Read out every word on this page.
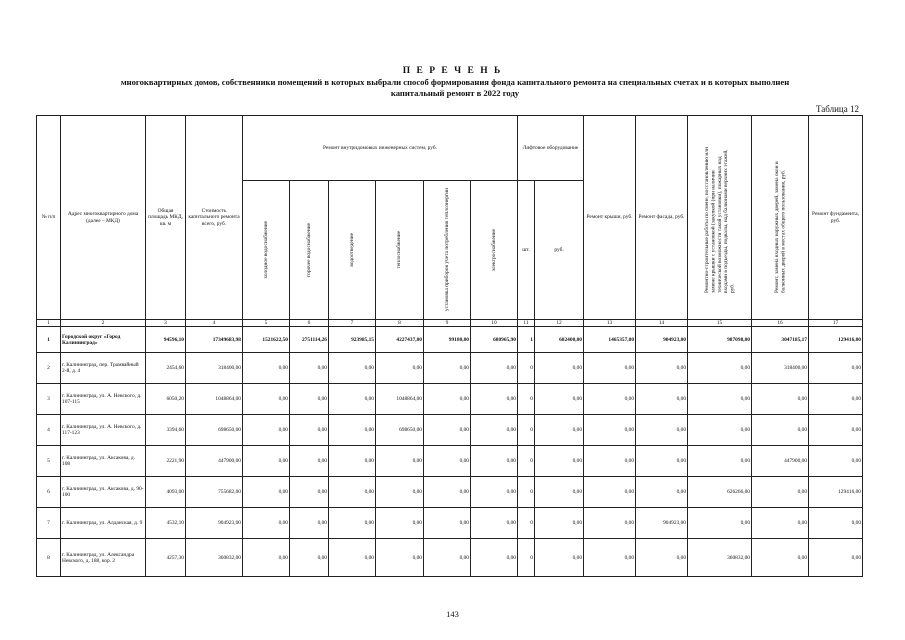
П Е Р Е Ч Е Н Ь
многоквартирных домов, собственники помещений в которых выбрали способ формирования фонда капитального ремонта на специальных счетах и в которых выполнен
капитальный ремонт в 2022 году
Таблица 12
№ п/п	Адрес многоквартирного дома (далее – МКД)	Общая площадь МКД, кв. м	Стоимость капитального ремонта всего, руб.	Ремонт внутридомовых инженерных систем, руб.						Лифтовое оборудование		Ремонт крыши, руб.	Ремонт фасада, руб.	Ремонтно-строительные работы по смене, восстановлению или замене крышки с установкой (закупкой (при наличии технической возможности такой установки), пожарных над входами в подъезды, подвалы, над балконами верхних этажей, руб.	Ремонт, замена входных наружных дверей, замена окон и балконных дверей в местах общего пользования, руб.	Ремонт фундамента, руб.

				холодное водоснабжение	горячее водоснабжение	водоотведение	теплоснабжение	установка приборов учета потребления теплоэнергии	электроснабжение	шт.	руб.					
1	2	3	4	5	6	7	8	9	10	11	12	13	14	15	16	17
1	Городской округ «Город Калининград»	94596,10	17349683,98	1521622,50	2751114,26	923985,15	4227437,00	99180,00	680965,90	1	602400,00	1465357,00	904923,00	987098,00	3047185,17	129416,00
2	г. Калининград, пер. Трамвайный 2-й, д. 4	2454,60	318400,00	0,00	0,00	0,00	0,00	0,00	0,00	0	0,00	0,00	0,00	0,00	318400,00	0,00
3	г. Калининград, ул. А. Невского, д. 107-115	6050,20	1048864,00	0,00	0,00	0,00	1048864,00	0,00	0,00	0	0,00	0,00	0,00	0,00	0,00	0,00
4	г. Калининград, ул. А. Невского, д. 117-123	3394,60	698650,00	0,00	0,00	0,00	698650,00	0,00	0,00	0	0,00	0,00	0,00	0,00	0,00	0,00
5	г. Калининград, ул. Аксакова, д. 108	2221,90	447900,00	0,00	0,00	0,00	0,00	0,00	0,00	0	0,00	0,00	0,00	0,00	447900,00	0,00
6	г. Калининград, ул. Аксакова, д. 90-100	4093,00	755682,00	0,00	0,00	0,00	0,00	0,00	0,00	0	0,00	0,00	0,00	626266,00	0,00	129416,00
7	г. Калининград, ул. Алданская, д. 9	4532,10	904923,00	0,00	0,00	0,00	0,00	0,00	0,00	0	0,00	0,00	904923,00	0,00	0,00	0,00
8	г. Калининград, ул. Александра Невского, д. 188, кор. 2	4257,30	360832,00	0,00	0,00	0,00	0,00	0,00	0,00	0	0,00	0,00	0,00	360832,00	0,00	0,00
143
